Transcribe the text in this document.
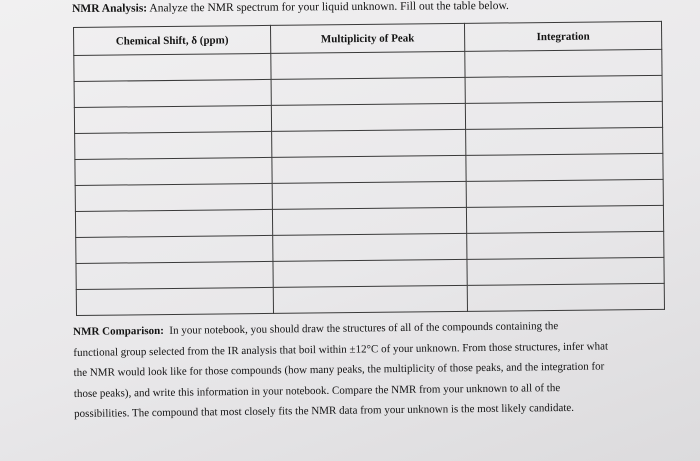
NMR Analysis: Analyze the NMR spectrum for your liquid unknown. Fill out the table below.
Chemical Shift, δ (ppm)	Multiplicity of Peak	Integration

NMR Comparison: In your notebook, you should draw the structures of all of the compounds containing the
functional group selected from the IR analysis that boil within ±12°C of your unknown. From those structures, infer what
the NMR would look like for those compounds (how many peaks, the multiplicity of those peaks, and the integration for
those peaks), and write this information in your notebook. Compare the NMR from your unknown to all of the
possibilities. The compound that most closely fits the NMR data from your unknown is the most likely candidate.
